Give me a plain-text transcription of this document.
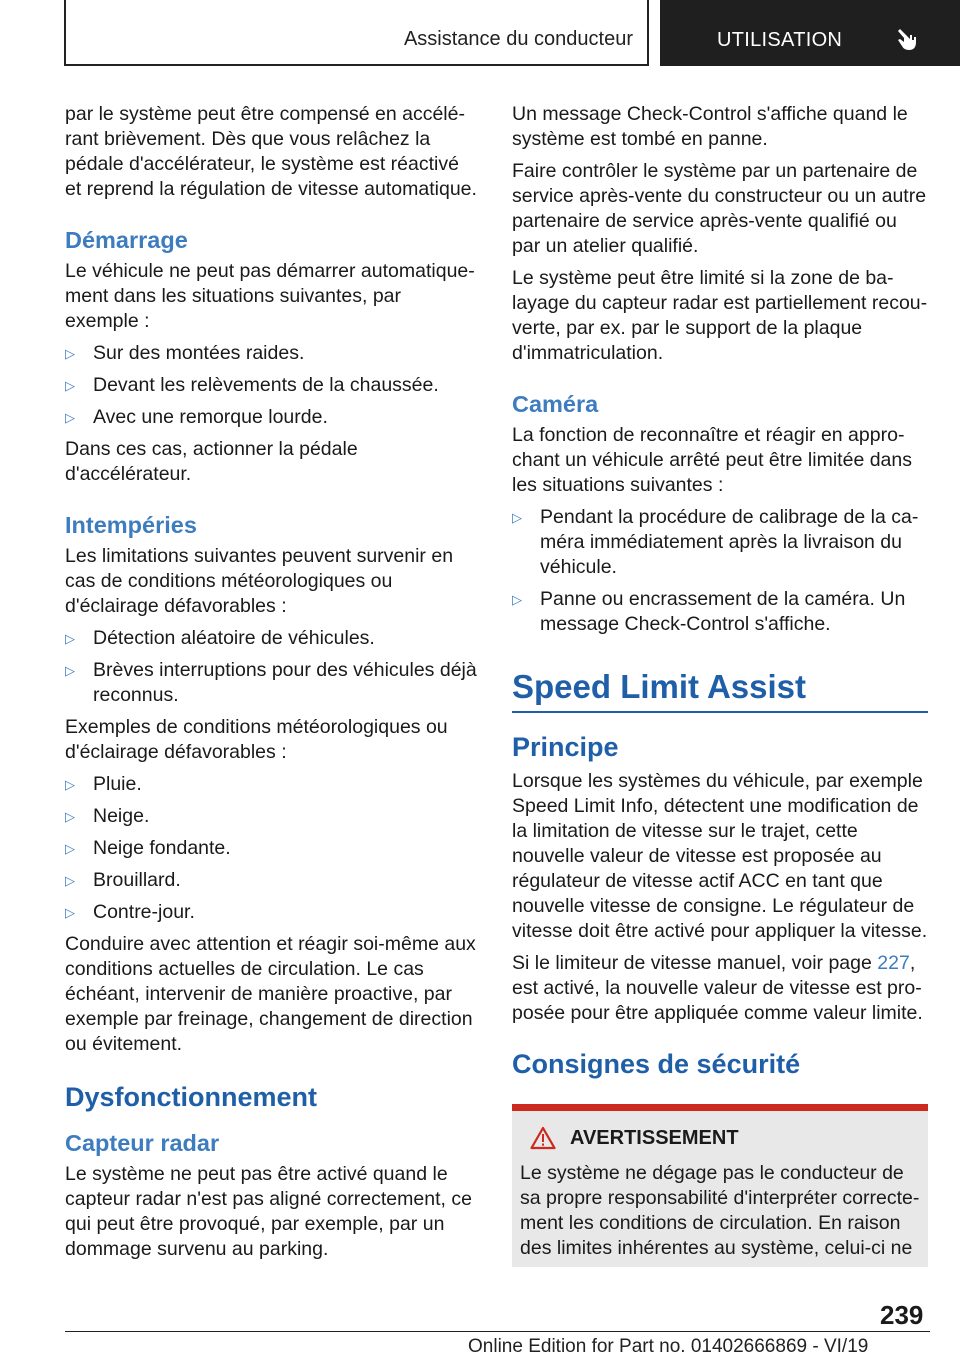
Assistance du conducteur	UTILISATION

par le système peut être compensé en accélérant brièvement. Dès que vous relâchez la pédale d'accélérateur, le système est réactivé et reprend la régulation de vitesse automatique.

Démarrage

Le véhicule ne peut pas démarrer automatiquement dans les situations suivantes, par exemple :

▷ Sur des montées raides.
▷ Devant les relèvements de la chaussée.
▷ Avec une remorque lourde.

Dans ces cas, actionner la pédale d'accélérateur.

Intempéries

Les limitations suivantes peuvent survenir en cas de conditions météorologiques ou d'éclairage défavorables :

▷ Détection aléatoire de véhicules.
▷ Brèves interruptions pour des véhicules déjà reconnus.

Exemples de conditions météorologiques ou d'éclairage défavorables :

▷ Pluie.
▷ Neige.
▷ Neige fondante.
▷ Brouillard.
▷ Contre-jour.

Conduire avec attention et réagir soi-même aux conditions actuelles de circulation. Le cas échéant, intervenir de manière proactive, par exemple par freinage, changement de direction ou évitement.

Dysfonctionnement
Capteur radar

Le système ne peut pas être activé quand le capteur radar n'est pas aligné correctement, ce qui peut être provoqué, par exemple, par un dommage survenu au parking.

Un message Check-Control s'affiche quand le système est tombé en panne.

Faire contrôler le système par un partenaire de service après-vente du constructeur ou un autre partenaire de service après-vente qualifié ou par un atelier qualifié.

Le système peut être limité si la zone de balayage du capteur radar est partiellement recouverte, par ex. par le support de la plaque d'immatriculation.

Caméra

La fonction de reconnaître et réagir en approchant un véhicule arrêté peut être limitée dans les situations suivantes :

▷ Pendant la procédure de calibrage de la caméra immédiatement après la livraison du véhicule.
▷ Panne ou encrassement de la caméra. Un message Check-Control s'affiche.
Speed Limit Assist
Principe

Lorsque les systèmes du véhicule, par exemple Speed Limit Info, détectent une modification de la limitation de vitesse sur le trajet, cette nouvelle valeur de vitesse est proposée au régulateur de vitesse actif ACC en tant que nouvelle vitesse de consigne. Le régulateur de vitesse doit être activé pour appliquer la vitesse.

Si le limiteur de vitesse manuel, voir page 227, est activé, la nouvelle valeur de vitesse est proposée pour être appliquée comme valeur limite.

Consignes de sécurité
AVERTISSEMENT
Le système ne dégage pas le conducteur de sa propre responsabilité d'interpréter correctement les conditions de circulation. En raison des limites inhérentes au système, celui-ci ne
239
Online Edition for Part no. 01402666869 - VI/19
